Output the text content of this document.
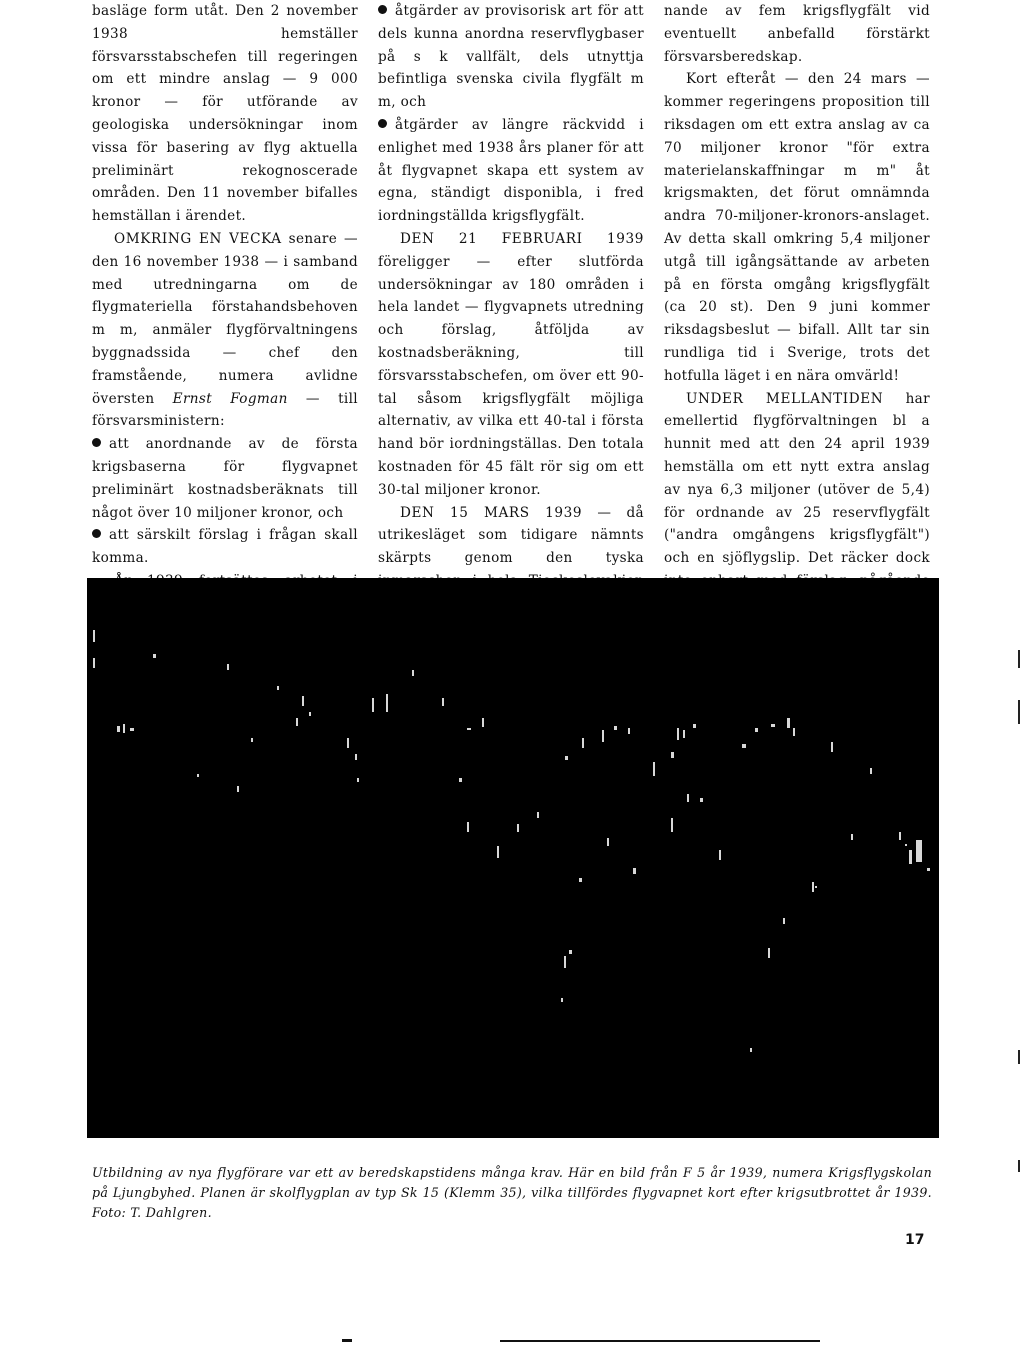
basläge form utåt. Den 2 november 1938 hemställer försvarsstabschefen till regeringen om ett mindre anslag — 9 000 kronor — för utförande av geologiska undersökningar inom vissa för basering av flyg aktuella preliminärt rekognoscerade områden. Den 11 november bifalles hemställan i ärendet.

OMKRING EN VECKA senare — den 16 november 1938 — i samband med utredningarna om de flygmateriella förstahandsbehoven m m, anmäler flygförvaltningens byggnadssida — chef den framstående, numera avlidne översten Ernst Fogman — till försvarsministern:

att anordnande av de första krigsbaserna för flygvapnet preliminärt kostnadsberäknats till något över 10 miljoner kronor, och

att särskilt förslag i frågan skall komma.

åtgärder av provisorisk art för att dels kunna anordna reservflygbaser på s k vallfält, dels utnyttja befintliga svenska civila flygfält m m, och

åtgärder av längre räckvidd i enlighet med 1938 års planer för att åt flygvapnet skapa ett system av egna, ständigt disponibla, i fred iordningställda krigsflygfält.

DEN 21 FEBRUARI 1939 föreligger — efter slutförda undersökningar av 180 områden i hela landet — flygvapnets utredning och förslag, åtföljda av kostnadsberäkning, till försvarsstabschefen, om över ett 90-tal såsom krigsflygfält möjliga alternativ, av vilka ett 40-tal i första hand bör iordningställas. Den totala kostnaden för 45 fält rör sig om ett 30-tal miljoner kronor.

DEN 15 MARS 1939 — då utrikesläget som tidigare nämnts skärpts genom den tyska

nande av fem krigsflygfält vid eventuellt anbefalld förstärkt försvarsberedskap.

Kort efteråt — den 24 mars — kommer regeringens proposition till riksdagen om ett extra anslag av ca 70 miljoner kronor "för extra materielanskaffningar m m" åt krigsmakten, det förut omnämnda andra 70-miljoner-kronors-anslaget. Av detta skall omkring 5,4 miljoner utgå till igångsättande av arbeten på en första omgång krigsflygfält (ca 20 st). Den 9 juni kommer riksdagsbeslut — bifall. Allt tar sin rundliga tid i Sverige, trots det hotfulla läget i en nära omvärld!

UNDER MELLANTIDEN har emellertid flygförvaltningen bl a hunnit med att den 24 april 1939 hemställa om ett nytt extra anslag av nya 6,3 miljoner (utöver de 5,4) för ordnande av 25 reservflygfält ("andra omgångens krigsflygfält") och en sjöflygslip. Det räcker dock

Utbildning av nya flygförare var ett av beredskapstidens många krav. Här en bild från F 5 år 1939, numera Krigsflygskolan på Ljungbyhed. Planen är skolflygplan av typ Sk 15 (Klemm 35), vilka tillfördes flygvapnet kort efter krigsutbrottet år 1939. Foto: T. Dahlgren.

17
